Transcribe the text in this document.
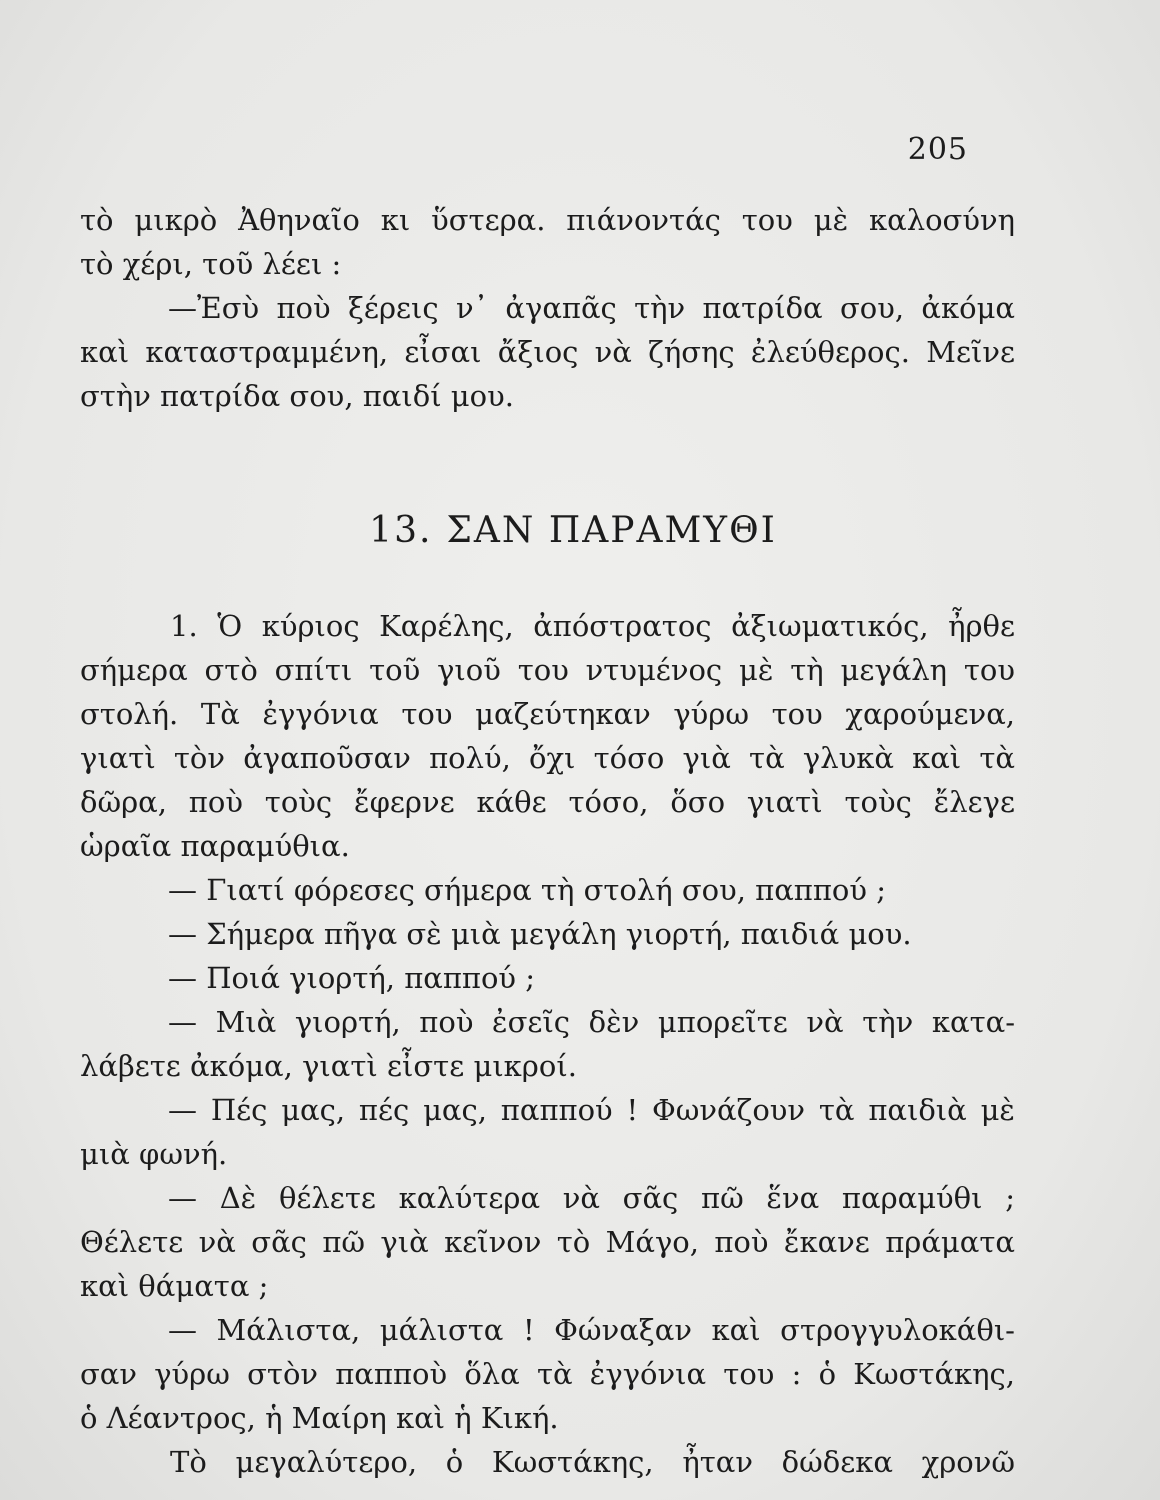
205
τὸ μικρὸ Ἀθηναῖο κι ὕστερα. πιάνοντάς του μὲ καλοσύνη
τὸ χέρι, τοῦ λέει :
—Ἐσὺ ποὺ ξέρεις ν᾽ ἀγαπᾶς τὴν πατρίδα σου, ἀκόμα
καὶ καταστραμμένη, εἶσαι ἄξιος νὰ ζήσης ἐλεύθερος. Μεῖνε
στὴν πατρίδα σου, παιδί μου.
13. ΣΑΝ ΠΑΡΑΜΥΘΙ
1. Ὁ κύριος Καρέλης, ἀπόστρατος ἀξιωματικός, ἦρθε
σήμερα στὸ σπίτι τοῦ γιοῦ του ντυμένος μὲ τὴ μεγάλη του
στολή. Τὰ ἐγγόνια του μαζεύτηκαν γύρω του χαρούμενα,
γιατὶ τὸν ἀγαποῦσαν πολύ, ὄχι τόσο γιὰ τὰ γλυκὰ καὶ τὰ
δῶρα, ποὺ τοὺς ἔφερνε κάθε τόσο, ὅσο γιατὶ τοὺς ἔλεγε
ὡραῖα παραμύθια.
— Γιατί φόρεσες σήμερα τὴ στολή σου, παππού ;
— Σήμερα πῆγα σὲ μιὰ μεγάλη γιορτή, παιδιά μου.
— Ποιά γιορτή, παππού ;
— Μιὰ γιορτή, ποὺ ἐσεῖς δὲν μπορεῖτε νὰ τὴν κατα-
λάβετε ἀκόμα, γιατὶ εἶστε μικροί.
— Πές μας, πές μας, παππού ! Φωνάζουν τὰ παιδιὰ μὲ
μιὰ φωνή.
— Δὲ θέλετε καλύτερα νὰ σᾶς πῶ ἕνα παραμύθι ;
Θέλετε νὰ σᾶς πῶ γιὰ κεῖνον τὸ Μάγο, ποὺ ἔκανε πράματα
καὶ θάματα ;
— Μάλιστα, μάλιστα ! Φώναξαν καὶ στρογγυλοκάθι-
σαν γύρω στὸν παπποὺ ὅλα τὰ ἐγγόνια του : ὁ Κωστάκης,
ὁ Λέαντρος, ἡ Μαίρη καὶ ἡ Κική.
Τὸ μεγαλύτερο, ὁ Κωστάκης, ἦταν δώδεκα χρονῶ
